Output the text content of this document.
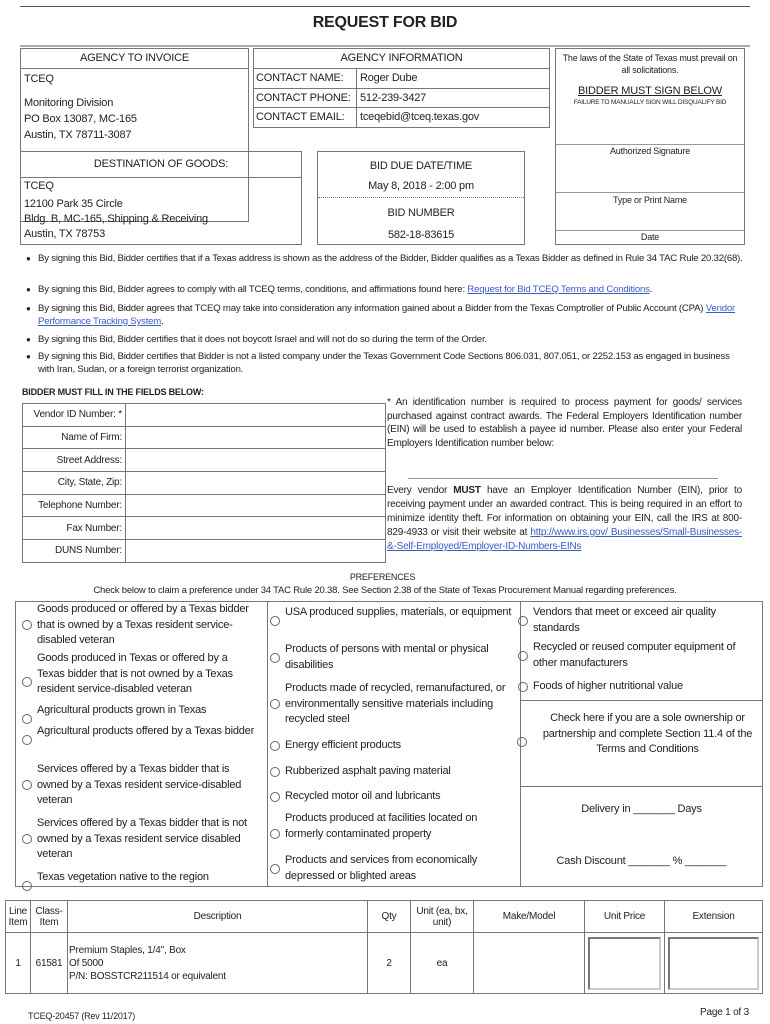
REQUEST FOR BID
AGENCY TO INVOICE
TCEQ
Monitoring Division
PO Box 13087, MC-165
Austin, TX 78711-3087
AGENCY INFORMATION
CONTACT NAME:	Roger Dube
CONTACT PHONE: 512-239-3427
CONTACT EMAIL:	tceqebid@tceq.texas.gov
The laws of the State of Texas must prevail on all solicitations.
BIDDER MUST SIGN BELOW
FAILURE TO MANUALLY SIGN WILL DISQUALIFY BID
Authorized Signature
Type or Print Name
Date
DESTINATION OF GOODS:
TCEQ
12100 Park 35 Circle
Bldg. B, MC-165, Shipping & Receiving
Austin, TX 78753
BID DUE DATE/TIME
May 8, 2018 - 2:00 pm
BID NUMBER
582-18-83615
● By signing this Bid, Bidder certifies that if a Texas address is shown as the address of the Bidder, Bidder qualifies as a Texas Bidder as defined in Rule 34 TAC Rule 20.32(68).
● By signing this Bid, Bidder agrees to comply with all TCEQ terms, conditions, and affirmations found here: Request for Bid TCEQ Terms and Conditions.
● By signing this Bid, Bidder agrees that TCEQ may take into consideration any information gained about a Bidder from the Texas Comptroller of Public Account (CPA) Vendor Performance Tracking System.
● By signing this Bid, Bidder certifies that it does not boycott Israel and will not do so during the term of the Order.
● By signing this Bid, Bidder certifies that Bidder is not a listed company under the Texas Government Code Sections 806.031, 807.051, or 2252.153 as engaged in business with Iran, Sudan, or a foreign terrorist organization.
BIDDER MUST FILL IN THE FIELDS BELOW:
Vendor ID Number: *	
Name of Firm:	
Street Address:	
City, State, Zip:	
Telephone Number:	
Fax Number:	
DUNS Number:	
* An identification number is required to process payment for goods/ services purchased against contract awards. The Federal Employers Identification number (EIN) will be used to establish a payee id number. Please also enter your Federal Employers Identification number below:
Every vendor MUST have an Employer Identification Number (EIN), prior to receiving payment under an awarded contract. This is being required in an effort to minimize identity theft. For information on obtaining your EIN, call the IRS at 800-829-4933 or visit their website at http://www.irs.gov/ Businesses/Small-Businesses-&-Self-Employed/Employer-ID-Numbers-EINs
PREFERENCES
Check below to claim a preference under 34 TAC Rule 20.38. See Section 2.38 of the State of Texas Procurement Manual regarding preferences.
Goods produced or offered by a Texas bidder that is owned by a Texas resident service-disabled veteran
Goods produced in Texas or offered by a Texas bidder that is not owned by a Texas resident service-disabled veteran
Agricultural products grown in Texas
Agricultural products offered by a Texas bidder
Services offered by a Texas bidder that is owned by a Texas resident service-disabled veteran
Services offered by a Texas bidder that is not owned by a Texas resident service disabled veteran
Texas vegetation native to the region
USA produced supplies, materials, or equipment
Products of persons with mental or physical disabilities
Products made of recycled, remanufactured, or environmentally sensitive materials including recycled steel
Energy efficient products
Rubberized asphalt paving material
Recycled motor oil and lubricants
Products produced at facilities located on formerly contaminated property
Products and services from economically depressed or blighted areas
Vendors that meet or exceed air quality standards
Recycled or reused computer equipment of other manufacturers
Foods of higher nutritional value
Check here if you are a sole ownership or partnership and complete Section 11.4 of the Terms and Conditions
Delivery in _______ Days
Cash Discount _______ % _______
Line Item	Class-Item	Description	Qty	Unit (ea, bx, unit)	Make/Model	Unit Price	Extension
1	61581	Premium Staples, 1/4", Box
Of 5000
P/N: BOSSTCR211514 or equivalent	2	ea		

TCEQ-20457 (Rev 11/2017)	Page 1 of 3
